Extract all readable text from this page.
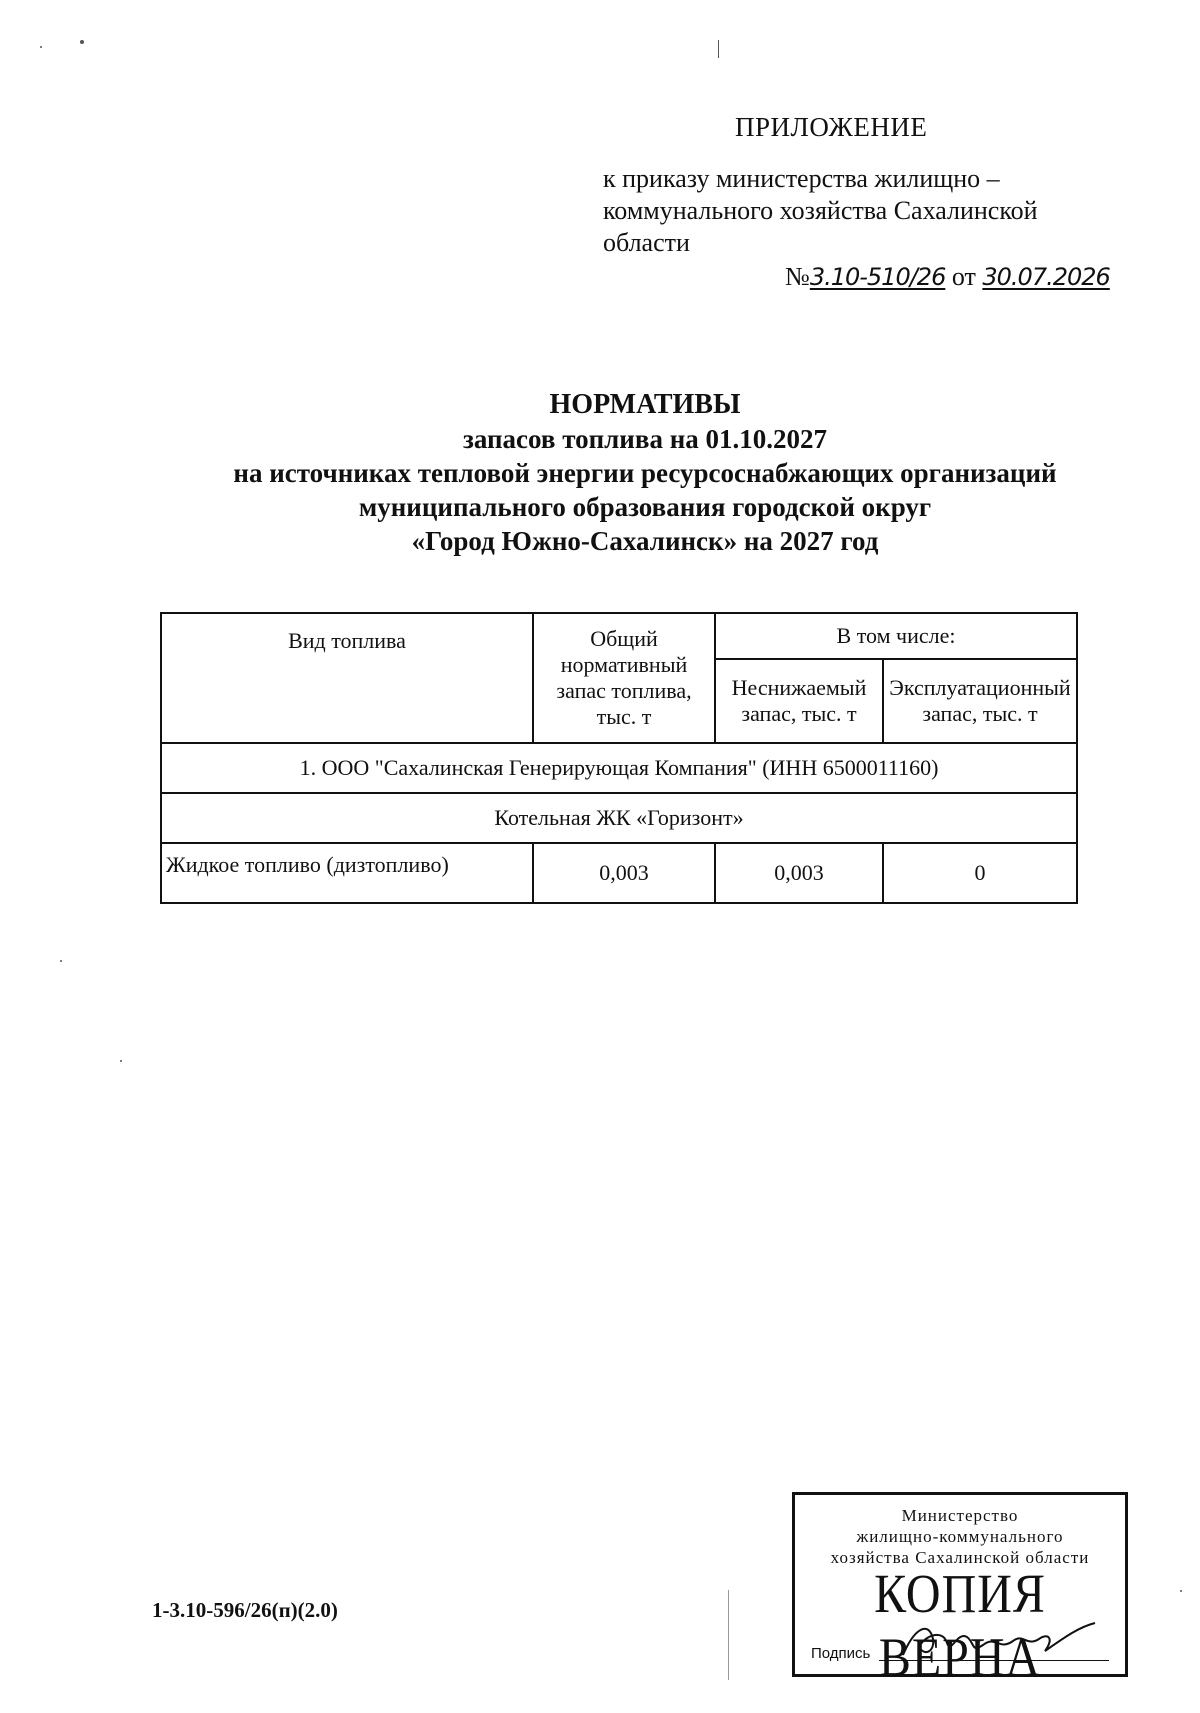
ПРИЛОЖЕНИЕ
к приказу министерства жилищно – коммунального хозяйства Сахалинской области
№3.10-510/26 от 30.07.2026
НОРМАТИВЫ
запасов топлива на 01.10.2027
на источниках тепловой энергии ресурсоснабжающих организаций
муниципального образования городской округ
«Город Южно-Сахалинск» на 2027 год
Вид топлива	Общий нормативный запас топлива, тыс. т	В том числе:	
		Неснижаемый запас, тыс. т	Эксплуатационный запас, тыс. т
1. ООО "Сахалинская Генерирующая Компания" (ИНН 6500011160)			
Котельная ЖК «Горизонт»			
Жидкое топливо (дизтопливо)	0,003	0,003	0
1-3.10-596/26(п)(2.0)
Министерство
жилищно-коммунального
хозяйства Сахалинской области
КОПИЯ ВЕРНА
Подпись
